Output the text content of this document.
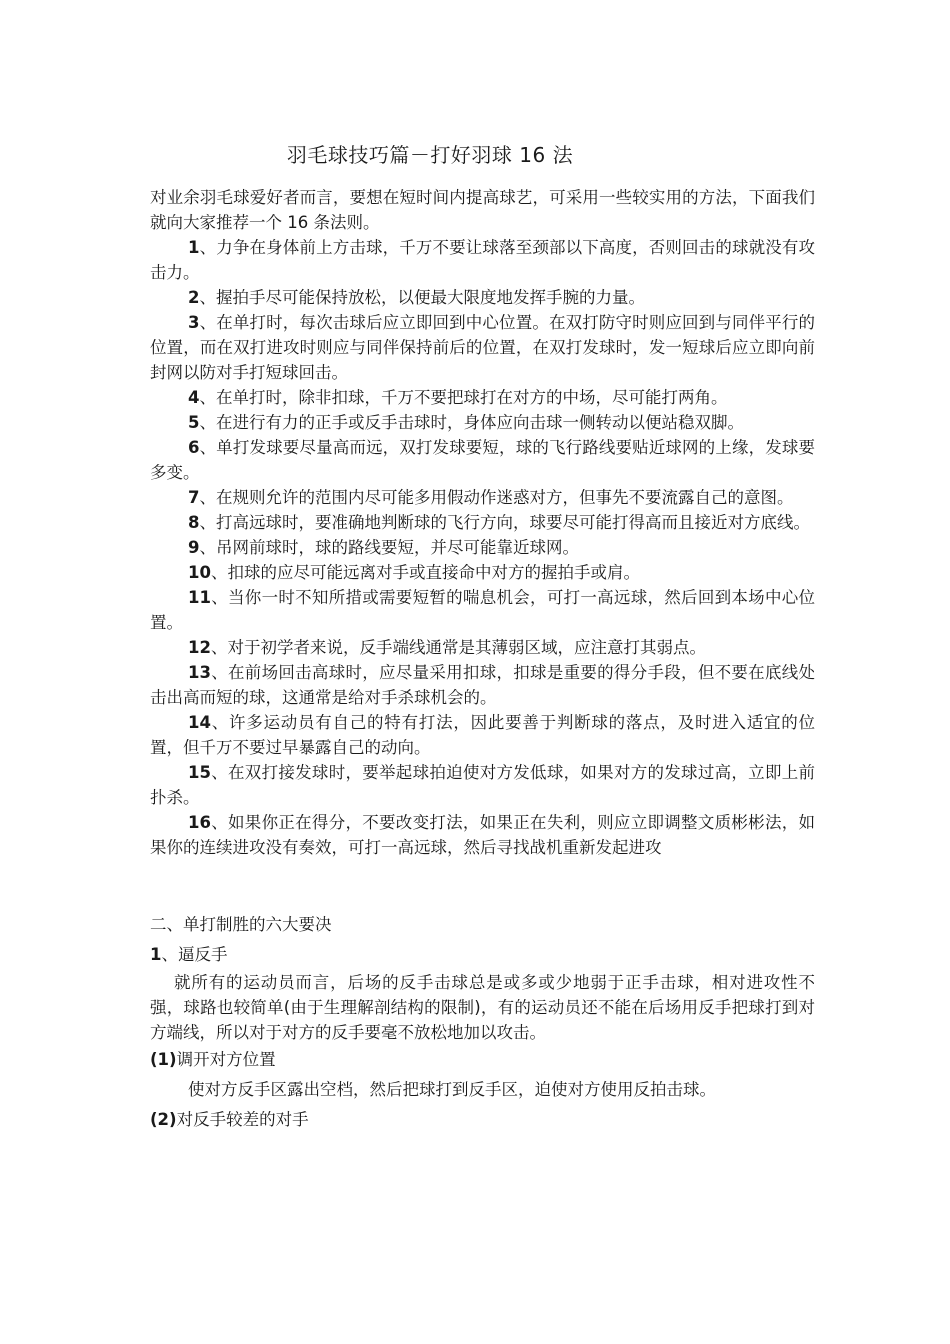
羽毛球技巧篇－打好羽球 16 法

对业余羽毛球爱好者而言，要想在短时间内提高球艺，可采用一些较实用的方法，下面我们就向大家推荐一个 16 条法则。

1、力争在身体前上方击球，千万不要让球落至颈部以下高度，否则回击的球就没有攻击力。

2、握拍手尽可能保持放松，以便最大限度地发挥手腕的力量。

3、在单打时，每次击球后应立即回到中心位置。在双打防守时则应回到与同伴平行的位置，而在双打进攻时则应与同伴保持前后的位置，在双打发球时，发一短球后应立即向前封网以防对手打短球回击。

4、在单打时，除非扣球，千万不要把球打在对方的中场，尽可能打两角。

5、在进行有力的正手或反手击球时，身体应向击球一侧转动以便站稳双脚。

6、单打发球要尽量高而远，双打发球要短，球的飞行路线要贴近球网的上缘，发球要多变。

7、在规则允许的范围内尽可能多用假动作迷惑对方，但事先不要流露自己的意图。

8、打高远球时，要准确地判断球的飞行方向，球要尽可能打得高而且接近对方底线。

9、吊网前球时，球的路线要短，并尽可能靠近球网。

10、扣球的应尽可能远离对手或直接命中对方的握拍手或肩。

11、当你一时不知所措或需要短暂的喘息机会，可打一高远球，然后回到本场中心位置。

12、对于初学者来说，反手端线通常是其薄弱区域，应注意打其弱点。

13、在前场回击高球时，应尽量采用扣球，扣球是重要的得分手段，但不要在底线处击出高而短的球，这通常是给对手杀球机会的。

14、许多运动员有自己的特有打法，因此要善于判断球的落点，及时进入适宜的位置，但千万不要过早暴露自己的动向。

15、在双打接发球时，要举起球拍迫使对方发低球，如果对方的发球过高，立即上前扑杀。

16、如果你正在得分，不要改变打法，如果正在失利，则应立即调整文质彬彬法，如果你的连续进攻没有奏效，可打一高远球，然后寻找战机重新发起进攻

二、单打制胜的六大要决

1、逼反手

就所有的运动员而言，后场的反手击球总是或多或少地弱于正手击球，相对进攻性不强，球路也较简单(由于生理解剖结构的限制)，有的运动员还不能在后场用反手把球打到对方端线，所以对于对方的反手要毫不放松地加以攻击。

(1)调开对方位置

使对方反手区露出空档，然后把球打到反手区，迫使对方使用反拍击球。

(2)对反手较差的对手
